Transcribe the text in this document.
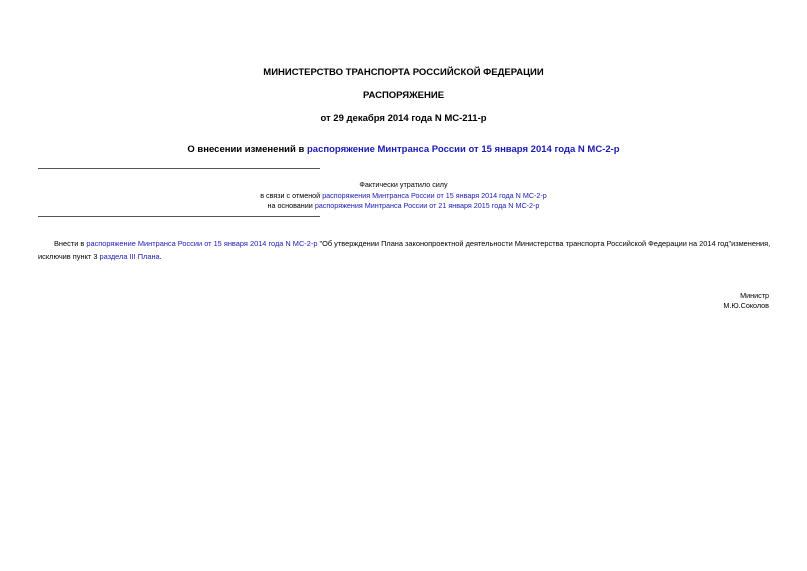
МИНИСТЕРСТВО ТРАНСПОРТА РОССИЙСКОЙ ФЕДЕРАЦИИ
РАСПОРЯЖЕНИЕ
от 29 декабря 2014 года N МС-211-р
О внесении изменений в распоряжение Минтранса России от 15 января 2014 года N МС-2-р
Фактически утратило силу
в связи с отменой распоряжения Минтранса России от 15 января 2014 года N МС-2-р
на основании распоряжения Минтранса России от 21 января 2015 года N МС-2-р
Внести в распоряжение Минтранса России от 15 января 2014 года N МС-2-р "Об утверждении Плана законопроектной деятельности Министерства транспорта Российской Федерации на 2014 год"изменения, исключив пункт 3 раздела III Плана.
Министр
М.Ю.Соколов
